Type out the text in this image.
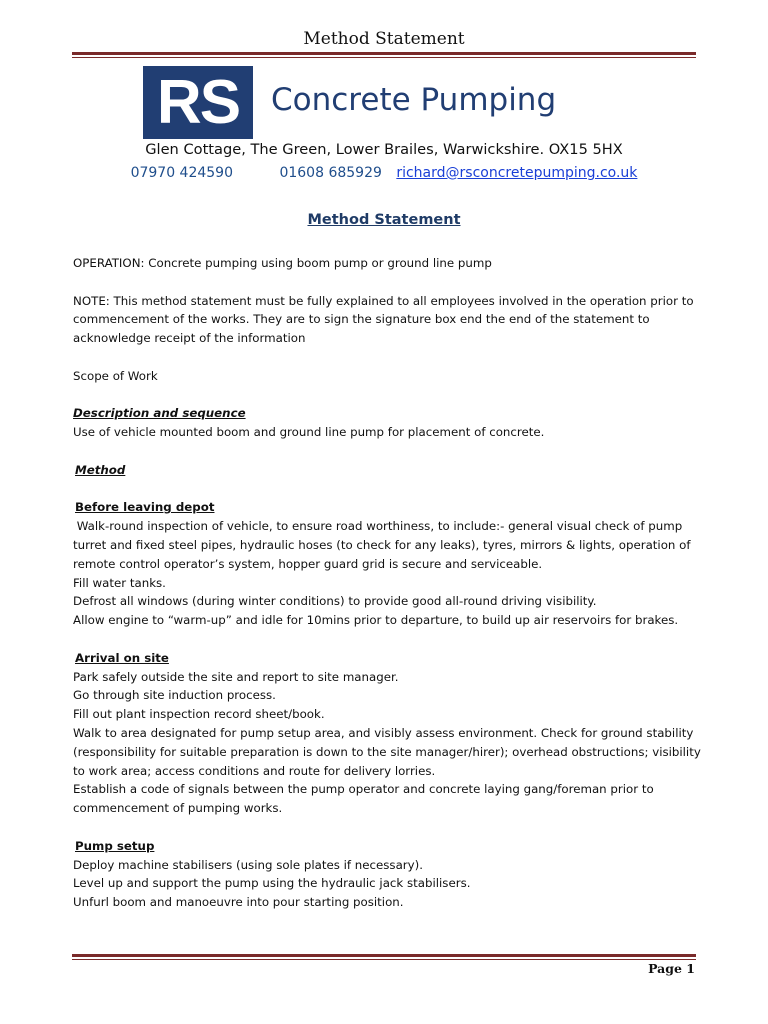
Method Statement
RS Concrete Pumping
Glen Cottage, The Green, Lower Brailes, Warwickshire. OX15 5HX
07970 424590	01608 685929 richard@rsconcretepumping.co.uk
Method Statement

OPERATION: Concrete pumping using boom pump or ground line pump

NOTE: This method statement must be fully explained to all employees involved in the operation prior to

commencement of the works. They are to sign the signature box end the end of the statement to

acknowledge receipt of the information

Scope of Work

Description and sequence

Use of vehicle mounted boom and ground line pump for placement of concrete.

Method

Before leaving depot

Walk-round inspection of vehicle, to ensure road worthiness, to include:- general visual check of pump

turret and fixed steel pipes, hydraulic hoses (to check for any leaks), tyres, mirrors & lights, operation of

remote control operator’s system, hopper guard grid is secure and serviceable.

Fill water tanks.

Defrost all windows (during winter conditions) to provide good all-round driving visibility.

Allow engine to “warm-up” and idle for 10mins prior to departure, to build up air reservoirs for brakes.

Arrival on site

Park safely outside the site and report to site manager.

Go through site induction process.

Fill out plant inspection record sheet/book.

Walk to area designated for pump setup area, and visibly assess environment. Check for ground stability

(responsibility for suitable preparation is down to the site manager/hirer); overhead obstructions; visibility

to work area; access conditions and route for delivery lorries.

Establish a code of signals between the pump operator and concrete laying gang/foreman prior to

commencement of pumping works.

Pump setup

Deploy machine stabilisers (using sole plates if necessary).

Level up and support the pump using the hydraulic jack stabilisers.

Unfurl boom and manoeuvre into pour starting position.

Page 1
